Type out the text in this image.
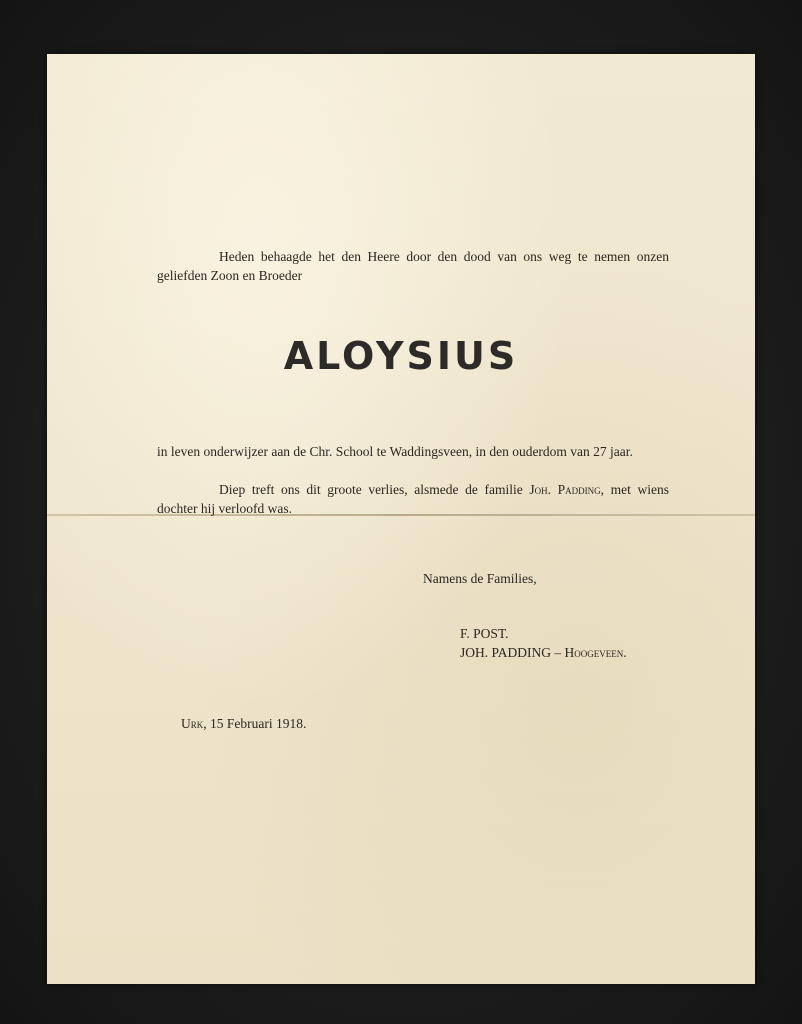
Heden behaagde het den Heere door den dood van ons weg te nemen onzen geliefden Zoon en Broeder
ALOYSIUS
in leven onderwijzer aan de Chr. School te Waddingsveen, in den ouderdom van 27 jaar.
Diep treft ons dit groote verlies, alsmede de familie Joh. Padding, met wiens dochter hij verloofd was.
Namens de Families,
F. POST.
JOH. PADDING – Hoogeveen.
Urk, 15 Februari 1918.
